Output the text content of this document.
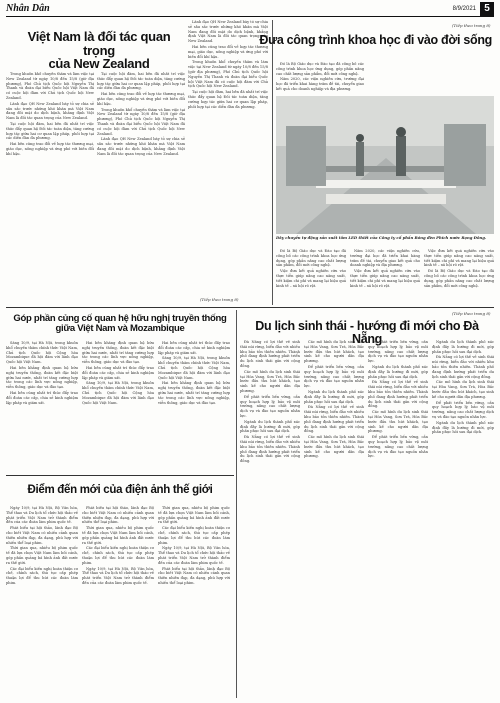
Nhân Dân	8/9/2021 5
Việt Nam là đối tác quan trọng
của New Zealand

Trong khuôn khổ chuyến thăm và làm việc tại New Zealand từ ngày 10/8 đến 15/8 (giờ địa phương), Phó Chủ tịch Quốc hội Nguyễn Thị Thanh và đoàn đại biểu Quốc hội Việt Nam đã có cuộc hội đàm với Chủ tịch Quốc hội New Zealand.

Lãnh đạo QH New Zealand bày tỏ sự chia sẻ sâu sắc trước những khó khăn mà Việt Nam đang đối mặt do dịch bệnh, khẳng định Việt Nam là đối tác quan trọng của New Zealand.

Tại cuộc hội đàm, hai bên đã nhất trí việc thúc đẩy quan hệ Đối tác toàn diện, tăng cường hợp tác giữa hai cơ quan lập pháp, phối hợp tại các diễn đàn đa phương.

Hai bên cũng trao đổi về hợp tác thương mại, giáo dục, nông nghiệp và ứng phó với biến đổi khí hậu.

Tại cuộc hội đàm, hai bên đã nhất trí việc thúc đẩy quan hệ Đối tác toàn diện, tăng cường hợp tác giữa hai cơ quan lập pháp, phối hợp tại các diễn đàn đa phương.

Hai bên cũng trao đổi về hợp tác thương mại, giáo dục, nông nghiệp và ứng phó với biến đổi khí hậu.

Trong khuôn khổ chuyến thăm và làm việc tại New Zealand từ ngày 10/8 đến 15/8 (giờ địa phương), Phó Chủ tịch Quốc hội Nguyễn Thị Thanh và đoàn đại biểu Quốc hội Việt Nam đã có cuộc hội đàm với Chủ tịch Quốc hội New Zealand.

Lãnh đạo QH New Zealand bày tỏ sự chia sẻ sâu sắc trước những khó khăn mà Việt Nam đang đối mặt do dịch bệnh, khẳng định Việt Nam là đối tác quan trọng của New Zealand.

Lãnh đạo QH New Zealand bày tỏ sự chia sẻ sâu sắc trước những khó khăn mà Việt Nam đang đối mặt do dịch bệnh, khẳng định Việt Nam là đối tác quan trọng của New Zealand.

Hai bên cũng trao đổi về hợp tác thương mại, giáo dục, nông nghiệp và ứng phó với biến đổi khí hậu.

Trong khuôn khổ chuyến thăm và làm việc tại New Zealand từ ngày 10/8 đến 15/8 (giờ địa phương), Phó Chủ tịch Quốc hội Nguyễn Thị Thanh và đoàn đại biểu Quốc hội Việt Nam đã có cuộc hội đàm với Chủ tịch Quốc hội New Zealand.

Tại cuộc hội đàm, hai bên đã nhất trí việc thúc đẩy quan hệ Đối tác toàn diện, tăng cường hợp tác giữa hai cơ quan lập pháp, phối hợp tại các diễn đàn đa phương.

(Tiếp theo trang 8)
(Tiếp theo trang 8)
Đưa công trình khoa học đi vào đời sống

Đó là Bộ Giáo dục và Đào tạo đã công bố các công trình khoa học ứng dụng, góp phần nâng cao chất lượng sản phẩm, đổi mới công nghệ.

Năm 2020, các viện nghiên cứu, trường đại học đã triển khai hàng trăm đề tài, chuyển giao kết quả cho doanh nghiệp và địa phương.

Dây chuyền tự động sản xuất tấm LED thiết của Công ty cổ phần Bóng đèn Phích nước Rạng Đông.

Đó là Bộ Giáo dục và Đào tạo đã công bố các công trình khoa học ứng dụng, góp phần nâng cao chất lượng sản phẩm, đổi mới công nghệ.

Việc đưa kết quả nghiên cứu vào thực tiễn giúp nâng cao năng suất, tiết kiệm chi phí và mang lại hiệu quả kinh tế – xã hội rõ rệt.

Năm 2020, các viện nghiên cứu, trường đại học đã triển khai hàng trăm đề tài, chuyển giao kết quả cho doanh nghiệp và địa phương.

Việc đưa kết quả nghiên cứu vào thực tiễn giúp nâng cao năng suất, tiết kiệm chi phí và mang lại hiệu quả kinh tế – xã hội rõ rệt.

Việc đưa kết quả nghiên cứu vào thực tiễn giúp nâng cao năng suất, tiết kiệm chi phí và mang lại hiệu quả kinh tế – xã hội rõ rệt.

Đó là Bộ Giáo dục và Đào tạo đã công bố các công trình khoa học ứng dụng, góp phần nâng cao chất lượng sản phẩm, đổi mới công nghệ.

Góp phần củng cố quan hệ hữu nghị truyền thống
giữa Việt Nam và Mozambique

Sáng 10/9, tại Hà Nội, trong khuôn khổ chuyến thăm chính thức Việt Nam, Chủ tịch Quốc hội Cộng hòa Mozambique đã hội đàm với lãnh đạo Quốc hội Việt Nam.

Hai bên khẳng định quan hệ hữu nghị truyền thống, đoàn kết đặc biệt giữa hai nước, nhất trí tăng cường hợp tác trong các lĩnh vực nông nghiệp, viễn thông, giáo dục và đào tạo.

Hai bên cũng nhất trí thúc đẩy trao đổi đoàn các cấp, chia sẻ kinh nghiệm lập pháp và giám sát.

Hai bên khẳng định quan hệ hữu nghị truyền thống, đoàn kết đặc biệt giữa hai nước, nhất trí tăng cường hợp tác trong các lĩnh vực nông nghiệp, viễn thông, giáo dục và đào tạo.

Hai bên cũng nhất trí thúc đẩy trao đổi đoàn các cấp, chia sẻ kinh nghiệm lập pháp và giám sát.

Sáng 10/9, tại Hà Nội, trong khuôn khổ chuyến thăm chính thức Việt Nam, Chủ tịch Quốc hội Cộng hòa Mozambique đã hội đàm với lãnh đạo Quốc hội Việt Nam.

Hai bên cũng nhất trí thúc đẩy trao đổi đoàn các cấp, chia sẻ kinh nghiệm lập pháp và giám sát.

Sáng 10/9, tại Hà Nội, trong khuôn khổ chuyến thăm chính thức Việt Nam, Chủ tịch Quốc hội Cộng hòa Mozambique đã hội đàm với lãnh đạo Quốc hội Việt Nam.

Hai bên khẳng định quan hệ hữu nghị truyền thống, đoàn kết đặc biệt giữa hai nước, nhất trí tăng cường hợp tác trong các lĩnh vực nông nghiệp, viễn thông, giáo dục và đào tạo.

(Tiếp theo trang 8)
Du lịch sinh thái - hướng đi mới cho Đà Nẵng

Đà Nẵng có lợi thế về sinh thái núi rừng, biển đảo với nhiều khu bảo tồn thiên nhiên. Thành phố đang định hướng phát triển du lịch sinh thái gắn với cộng đồng.

Các mô hình du lịch sinh thái tại Hòa Vang, Sơn Trà, Hòa Bắc bước đầu thu hút khách, tạo sinh kế cho người dân địa phương.

Để phát triển bền vững, cần quy hoạch hợp lý, bảo vệ môi trường, nâng cao chất lượng dịch vụ và đào tạo nguồn nhân lực.

Ngành du lịch thành phố xác định đây là hướng đi mới, góp phần phục hồi sau đại dịch.

Đà Nẵng có lợi thế về sinh thái núi rừng, biển đảo với nhiều khu bảo tồn thiên nhiên. Thành phố đang định hướng phát triển du lịch sinh thái gắn với cộng đồng.

Các mô hình du lịch sinh thái tại Hòa Vang, Sơn Trà, Hòa Bắc bước đầu thu hút khách, tạo sinh kế cho người dân địa phương.

Để phát triển bền vững, cần quy hoạch hợp lý, bảo vệ môi trường, nâng cao chất lượng dịch vụ và đào tạo nguồn nhân lực.

Ngành du lịch thành phố xác định đây là hướng đi mới, góp phần phục hồi sau đại dịch.

Đà Nẵng có lợi thế về sinh thái núi rừng, biển đảo với nhiều khu bảo tồn thiên nhiên. Thành phố đang định hướng phát triển du lịch sinh thái gắn với cộng đồng.

Các mô hình du lịch sinh thái tại Hòa Vang, Sơn Trà, Hòa Bắc bước đầu thu hút khách, tạo sinh kế cho người dân địa phương.

Để phát triển bền vững, cần quy hoạch hợp lý, bảo vệ môi trường, nâng cao chất lượng dịch vụ và đào tạo nguồn nhân lực.

Ngành du lịch thành phố xác định đây là hướng đi mới, góp phần phục hồi sau đại dịch.

Đà Nẵng có lợi thế về sinh thái núi rừng, biển đảo với nhiều khu bảo tồn thiên nhiên. Thành phố đang định hướng phát triển du lịch sinh thái gắn với cộng đồng.

Các mô hình du lịch sinh thái tại Hòa Vang, Sơn Trà, Hòa Bắc bước đầu thu hút khách, tạo sinh kế cho người dân địa phương.

Để phát triển bền vững, cần quy hoạch hợp lý, bảo vệ môi trường, nâng cao chất lượng dịch vụ và đào tạo nguồn nhân lực.

Ngành du lịch thành phố xác định đây là hướng đi mới, góp phần phục hồi sau đại dịch.

Đà Nẵng có lợi thế về sinh thái núi rừng, biển đảo với nhiều khu bảo tồn thiên nhiên. Thành phố đang định hướng phát triển du lịch sinh thái gắn với cộng đồng.

Các mô hình du lịch sinh thái tại Hòa Vang, Sơn Trà, Hòa Bắc bước đầu thu hút khách, tạo sinh kế cho người dân địa phương.

Để phát triển bền vững, cần quy hoạch hợp lý, bảo vệ môi trường, nâng cao chất lượng dịch vụ và đào tạo nguồn nhân lực.

Ngành du lịch thành phố xác định đây là hướng đi mới, góp phần phục hồi sau đại dịch.

Điểm đến mới của điện ảnh thế giới

Ngày 10/9, tại Hà Nội, Bộ Văn hóa, Thể thao và Du lịch tổ chức hội thảo về phát triển Việt Nam trở thành điểm đến của các đoàn làm phim quốc tế.

Phát biểu tại hội thảo, lãnh đạo Bộ cho biết Việt Nam có nhiều cảnh quan thiên nhiên đẹp, đa dạng, phù hợp với nhiều thể loại phim.

Thời gian qua, nhiều bộ phim quốc tế đã lựa chọn Việt Nam làm bối cảnh, góp phần quảng bá hình ảnh đất nước ra thế giới.

Các đại biểu kiến nghị hoàn thiện cơ chế, chính sách, thủ tục cấp phép thuận lợi để thu hút các đoàn làm phim.

Phát biểu tại hội thảo, lãnh đạo Bộ cho biết Việt Nam có nhiều cảnh quan thiên nhiên đẹp, đa dạng, phù hợp với nhiều thể loại phim.

Thời gian qua, nhiều bộ phim quốc tế đã lựa chọn Việt Nam làm bối cảnh, góp phần quảng bá hình ảnh đất nước ra thế giới.

Các đại biểu kiến nghị hoàn thiện cơ chế, chính sách, thủ tục cấp phép thuận lợi để thu hút các đoàn làm phim.

Ngày 10/9, tại Hà Nội, Bộ Văn hóa, Thể thao và Du lịch tổ chức hội thảo về phát triển Việt Nam trở thành điểm đến của các đoàn làm phim quốc tế.

Thời gian qua, nhiều bộ phim quốc tế đã lựa chọn Việt Nam làm bối cảnh, góp phần quảng bá hình ảnh đất nước ra thế giới.

Các đại biểu kiến nghị hoàn thiện cơ chế, chính sách, thủ tục cấp phép thuận lợi để thu hút các đoàn làm phim.

Ngày 10/9, tại Hà Nội, Bộ Văn hóa, Thể thao và Du lịch tổ chức hội thảo về phát triển Việt Nam trở thành điểm đến của các đoàn làm phim quốc tế.

Phát biểu tại hội thảo, lãnh đạo Bộ cho biết Việt Nam có nhiều cảnh quan thiên nhiên đẹp, đa dạng, phù hợp với nhiều thể loại phim.
